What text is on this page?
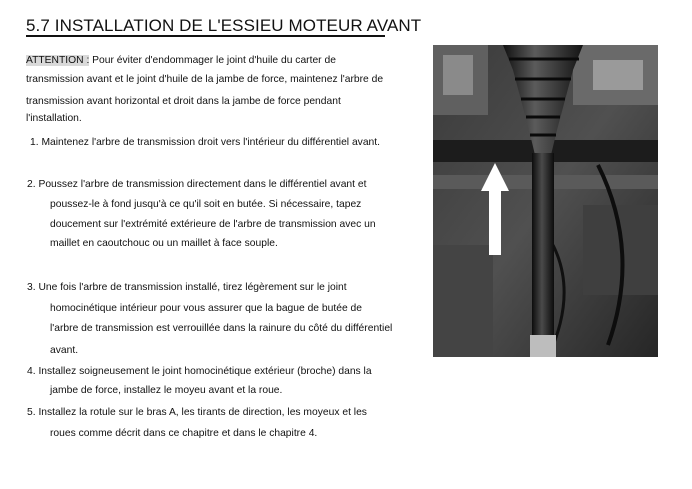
5.7 INSTALLATION DE L'ESSIEU MOTEUR AVANT
ATTENTION : Pour éviter d'endommager le joint d'huile du carter de
transmission avant et le joint d'huile de la jambe de force, maintenez l'arbre de
transmission avant horizontal et droit dans la jambe de force pendant
l'installation.
1. Maintenez l'arbre de transmission droit vers l'intérieur du différentiel avant.
2. Poussez l'arbre de transmission directement dans le différentiel avant et
poussez-le à fond jusqu'à ce qu'il soit en butée. Si nécessaire, tapez
doucement sur l'extrémité extérieure de l'arbre de transmission avec un
maillet en caoutchouc ou un maillet à face souple.
3. Une fois l'arbre de transmission installé, tirez légèrement sur le joint
homocinétique intérieur pour vous assurer que la bague de butée de
l'arbre de transmission est verrouillée dans la rainure du côté du différentiel
avant.
4. Installez soigneusement le joint homocinétique extérieur (broche) dans la
jambe de force, installez le moyeu avant et la roue.
5. Installez la rotule sur le bras A, les tirants de direction, les moyeux et les
roues comme décrit dans ce chapitre et dans le chapitre 4.
